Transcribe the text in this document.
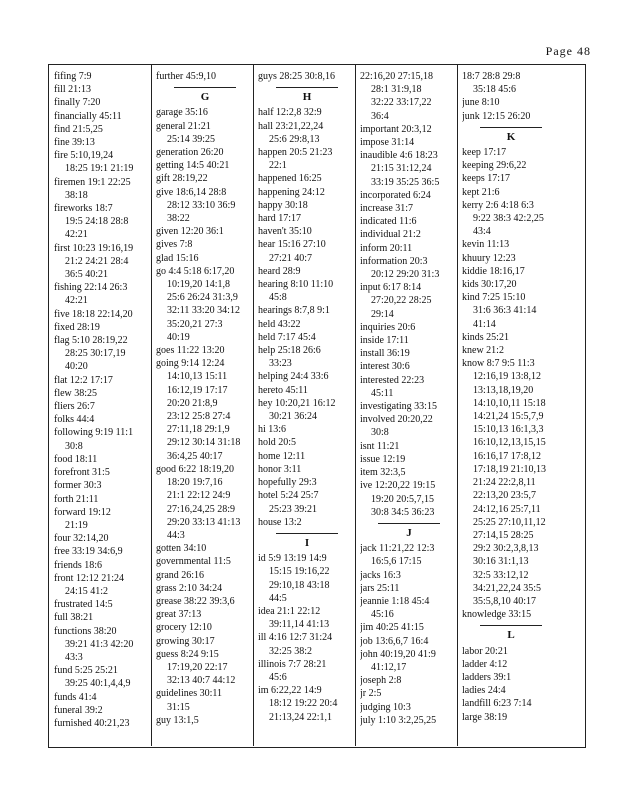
Page 48
fifing 7:9
fill 21:13
finally 7:20
financially 45:11
find 21:5,25
fine 39:13
fire 5:10,19,24
18:25 19:1 21:19
firemen 19:1 22:25
38:18
fireworks 18:7
19:5 24:18 28:8
42:21
first 10:23 19:16,19
21:2 24:21 28:4
36:5 40:21
fishing 22:14 26:3
42:21
five 18:18 22:14,20
fixed 28:19
flag 5:10 28:19,22
28:25 30:17,19
40:20
flat 12:2 17:17
flew 38:25
fliers 26:7
folks 44:4
following 9:19 11:1
30:8
food 18:11
forefront 31:5
former 30:3
forth 21:11
forward 19:12
21:19
four 32:14,20
free 33:19 34:6,9
friends 18:6
front 12:12 21:24
24:15 41:2
frustrated 14:5
full 38:21
functions 38:20
39:21 41:3 42:20
43:3
fund 5:25 25:21
39:25 40:1,4,4,9
funds 41:4
funeral 39:2
furnished 40:21,23
further 45:9,10
G
garage 35:16
general 21:21
25:14 39:25
generation 26:20
getting 14:5 40:21
gift 28:19,22
give 18:6,14 28:8
28:12 33:10 36:9
38:22
given 12:20 36:1
gives 7:8
glad 15:16
go 4:4 5:18 6:17,20
10:19,20 14:1,8
25:6 26:24 31:3,9
32:11 33:20 34:12
35:20,21 27:3
40:19
goes 11:22 13:20
going 9:14 12:24
14:10,13 15:11
16:12,19 17:17
20:20 21:8,9
23:12 25:8 27:4
27:11,18 29:1,9
29:12 30:14 31:18
36:4,25 40:17
good 6:22 18:19,20
18:20 19:7,16
21:1 22:12 24:9
27:16,24,25 28:9
29:20 33:13 41:13
44:3
gotten 34:10
governmental 11:5
grand 26:16
grass 2:10 34:24
grease 38:22 39:3,6
great 37:13
grocery 12:10
growing 30:17
guess 8:24 9:15
17:19,20 22:17
32:13 40:7 44:12
guidelines 30:11
31:15
guy 13:1,5
guys 28:25 30:8,16
H
half 12:2,8 32:9
hall 23:21,22,24
25:6 29:8,13
happen 20:5 21:23
22:1
happened 16:25
happening 24:12
happy 30:18
hard 17:17
haven't 35:10
hear 15:16 27:10
27:21 40:7
heard 28:9
hearing 8:10 11:10
45:8
hearings 8:7,8 9:1
held 43:22
held 7:17 45:4
help 25:18 26:6
33:23
helping 24:4 33:6
hereto 45:11
hey 10:20,21 16:12
30:21 36:24
hi 13:6
hold 20:5
home 12:11
honor 3:11
hopefully 29:3
hotel 5:24 25:7
25:23 39:21
house 13:2
I
id 5:9 13:19 14:9
15:15 19:16,22
29:10,18 43:18
44:5
idea 21:1 22:12
39:11,14 41:13
ill 4:16 12:7 31:24
32:25 38:2
illinois 7:7 28:21
45:6
im 6:22,22 14:9
18:12 19:22 20:4
21:13,24 22:1,1
22:16,20 27:15,18
28:1 31:9,18
32:22 33:17,22
36:4
important 20:3,12
impose 31:14
inaudible 4:6 18:23
21:15 31:12,24
33:19 35:25 36:5
incorporated 6:24
increase 31:7
indicated 11:6
individual 21:2
inform 20:11
information 20:3
20:12 29:20 31:3
input 6:17 8:14
27:20,22 28:25
29:14
inquiries 20:6
inside 17:11
install 36:19
interest 30:6
interested 22:23
45:11
investigating 33:15
involved 20:20,22
30:8
isnt 11:21
issue 12:19
item 32:3,5
ive 12:20,22 19:15
19:20 20:5,7,15
30:8 34:5 36:23
J
jack 11:21,22 12:3
16:5,6 17:15
jacks 16:3
jars 25:11
jeannie 1:18 45:4
45:16
jim 40:25 41:15
job 13:6,6,7 16:4
john 40:19,20 41:9
41:12,17
joseph 2:8
jr 2:5
judging 10:3
july 1:10 3:2,25,25
18:7 28:8 29:8
35:18 45:6
june 8:10
junk 12:15 26:20
K
keep 17:17
keeping 29:6,22
keeps 17:17
kept 21:6
kerry 2:6 4:18 6:3
9:22 38:3 42:2,25
43:4
kevin 11:13
khuury 12:23
kiddie 18:16,17
kids 30:17,20
kind 7:25 15:10
31:6 36:3 41:14
41:14
kinds 25:21
knew 21:2
know 8:7 9:5 11:3
12:16,19 13:8,12
13:13,18,19,20
14:10,10,11 15:18
14:21,24 15:5,7,9
15:10,13 16:1,3,3
16:10,12,13,15,15
16:16,17 17:8,12
17:18,19 21:10,13
21:24 22:2,8,11
22:13,20 23:5,7
24:12,16 25:7,11
25:25 27:10,11,12
27:14,15 28:25
29:2 30:2,3,8,13
30:16 31:1,13
32:5 33:12,12
34:21,22,24 35:5
35:5,8,10 40:17
knowledge 33:15
L
labor 20:21
ladder 4:12
ladders 39:1
ladies 24:4
landfill 6:23 7:14
large 38:19
